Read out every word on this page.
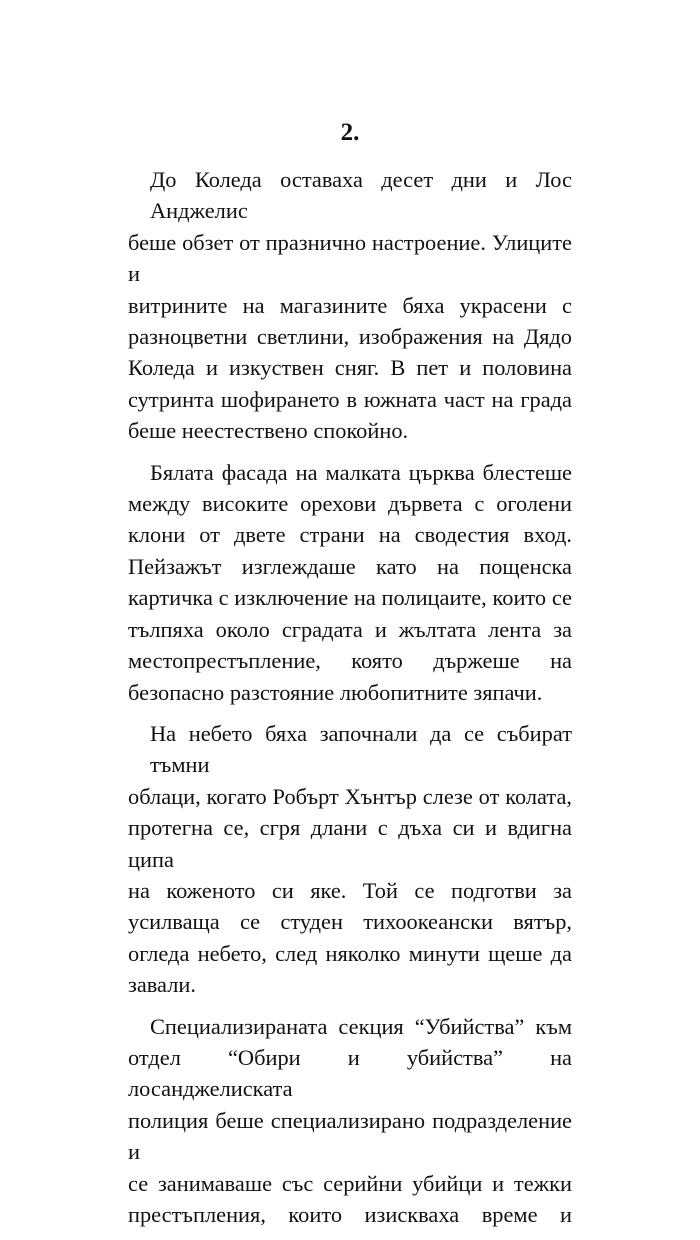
2.
До Коледа оставаха десет дни и Лос Анджелис
беше обзет от празнично настроение. Улиците и
витрините на магазините бяха украсени с
разноцветни светлини, изображения на Дядо
Коледа и изкуствен сняг. В пет и половина
сутринта шофирането в южната част на града
беше неестествено спокойно.
Бялата фасада на малката църква блестеше
между високите орехови дървета с оголени
клони от двете страни на сводестия вход.
Пейзажът изглеждаше като на пощенска
картичка с изключение на полицаите, които се
тълпяха около сградата и жълтата лента за
местопрестъпление, която държеше на
безопасно разстояние любопитните зяпачи.
На небето бяха започнали да се събират тъмни
облаци, когато Робърт Хънтър слезе от колата,
протегна се, сгря длани с дъха си и вдигна ципа
на коженото си яке. Той се подготви за
усилваща се студен тихоокеански вятър,
огледа небето, след няколко минути щеше да
завали.
Специализираната секция “Убийства” към
отдел “Обири и убийства” на лосанджелиската
полиция беше специализирано подразделение и
се занимаваше със серийни убийци и тежки
престъпления, които изискваха време и
